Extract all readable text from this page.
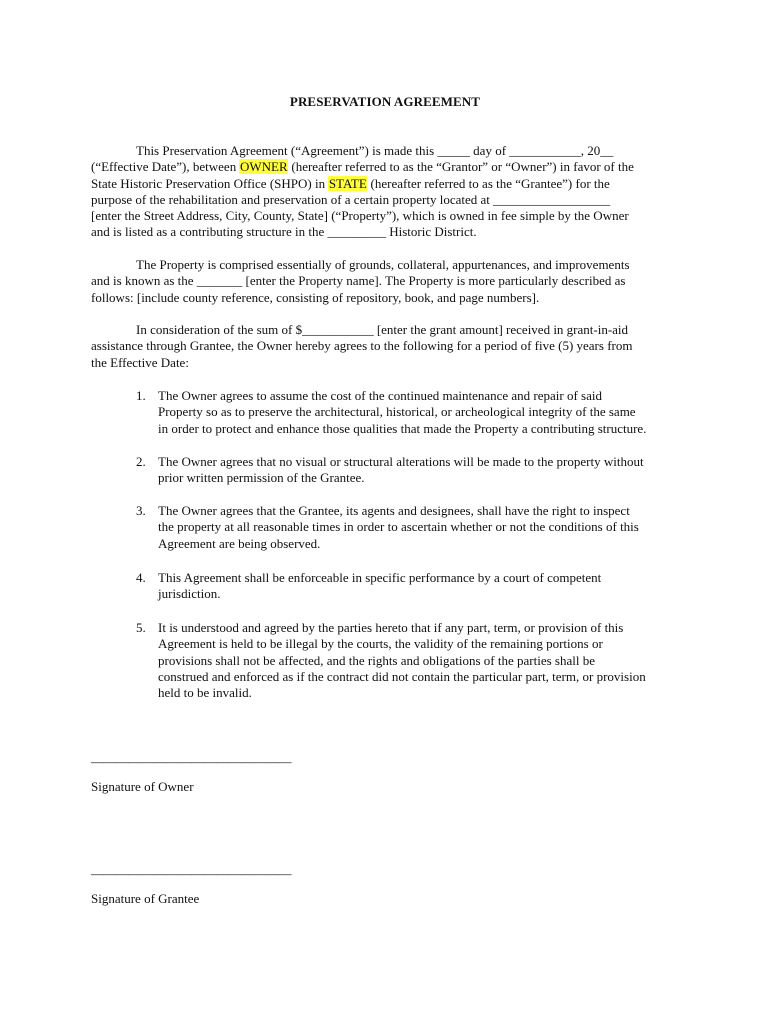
PRESERVATION AGREEMENT
This Preservation Agreement (“Agreement”) is made this _____ day of ___________, 20__
(“Effective Date”), between OWNER (hereafter referred to as the “Grantor” or “Owner”) in favor of the
State Historic Preservation Office (SHPO) in STATE (hereafter referred to as the “Grantee”) for the
purpose of the rehabilitation and preservation of a certain property located at __________________
[enter the Street Address, City, County, State] (“Property”), which is owned in fee simple by the Owner
and is listed as a contributing structure in the _________ Historic District.
The Property is comprised essentially of grounds, collateral, appurtenances, and improvements
and is known as the _______ [enter the Property name]. The Property is more particularly described as
follows: [include county reference, consisting of repository, book, and page numbers].
In consideration of the sum of $___________ [enter the grant amount] received in grant-in-aid
assistance through Grantee, the Owner hereby agrees to the following for a period of five (5) years from
the Effective Date:
1. The Owner agrees to assume the cost of the continued maintenance and repair of said
Property so as to preserve the architectural, historical, or archeological integrity of the same
in order to protect and enhance those qualities that made the Property a contributing structure.
2. The Owner agrees that no visual or structural alterations will be made to the property without
prior written permission of the Grantee.
3. The Owner agrees that the Grantee, its agents and designees, shall have the right to inspect
the property at all reasonable times in order to ascertain whether or not the conditions of this
Agreement are being observed.
4. This Agreement shall be enforceable in specific performance by a court of competent
jurisdiction.
5. It is understood and agreed by the parties hereto that if any part, term, or provision of this
Agreement is held to be illegal by the courts, the validity of the remaining portions or
provisions shall not be affected, and the rights and obligations of the parties shall be
construed and enforced as if the contract did not contain the particular part, term, or provision
held to be invalid.
————————————————
Signature of Owner
————————————————
Signature of Grantee
